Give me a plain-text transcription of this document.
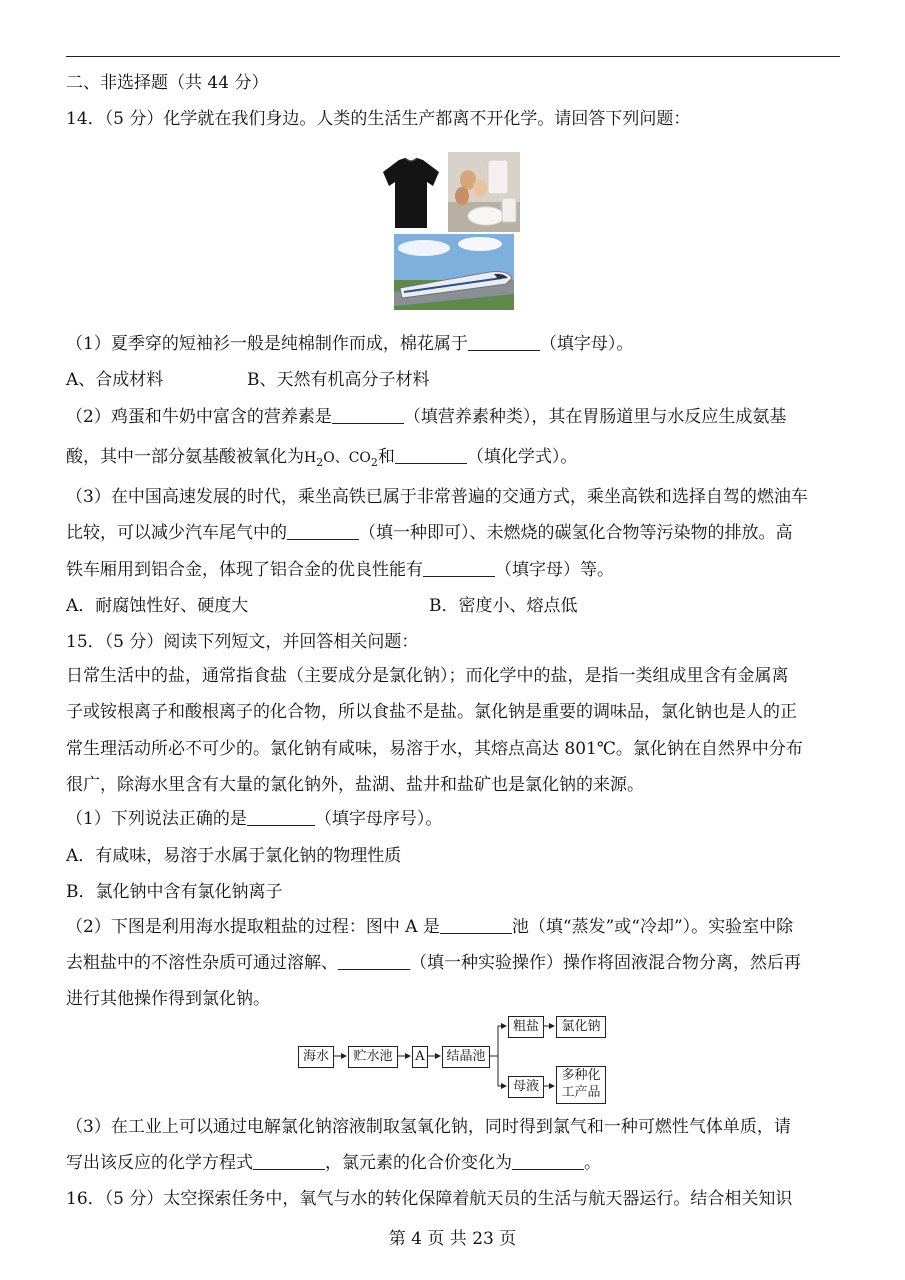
二、非选择题（共 44 分）
14．（5 分）化学就在我们身边。人类的生活生产都离不开化学。请回答下列问题：
（1）夏季穿的短袖衫一般是纯棉制作而成，棉花属于	（填字母）。
A、合成材料	B、天然有机高分子材料
（2）鸡蛋和牛奶中富含的营养素是	（填营养素种类），其在胃肠道里与水反应生成氨基
酸，其中一部分氨基酸被氧化为$H_2O$、$CO_2$和	（填化学式）。
（3）在中国高速发展的时代，乘坐高铁已属于非常普遍的交通方式，乘坐高铁和选择自驾的燃油车
比较，可以减少汽车尾气中的	（填一种即可）、未燃烧的碳氢化合物等污染物的排放。高
铁车厢用到铝合金，体现了铝合金的优良性能有	（填字母）等。
A．耐腐蚀性好、硬度大	B．密度小、熔点低
15．（5 分）阅读下列短文，并回答相关问题：
日常生活中的盐，通常指食盐（主要成分是氯化钠）；而化学中的盐，是指一类组成里含有金属离
子或铵根离子和酸根离子的化合物，所以食盐不是盐。氯化钠是重要的调味品，氯化钠也是人的正
常生理活动所必不可少的。氯化钠有咸味，易溶于水，其熔点高达 801℃。氯化钠在自然界中分布
很广，除海水里含有大量的氯化钠外，盐湖、盐井和盐矿也是氯化钠的来源。
（1）下列说法正确的是	（填字母序号）。
A．有咸味，易溶于水属于氯化钠的物理性质
B．氯化钠中含有氯化钠离子
（2）下图是利用海水提取粗盐的过程：图中 A 是	池（填“蒸发”或“冷却”）。实验室中除
去粗盐中的不溶性杂质可通过溶解、	（填一种实验操作）操作将固液混合物分离，然后再
进行其他操作得到氯化钠。
海水	贮水池	A	结晶池
粗盐	氯化钠
母液
多种化
工产品
（3）在工业上可以通过电解氯化钠溶液制取氢氧化钠，同时得到氯气和一种可燃性气体单质，请
写出该反应的化学方程式	，氯元素的化合价变化为	。
16．（5 分）太空探索任务中，氧气与水的转化保障着航天员的生活与航天器运行。结合相关知识
第 4 页 共 23 页
